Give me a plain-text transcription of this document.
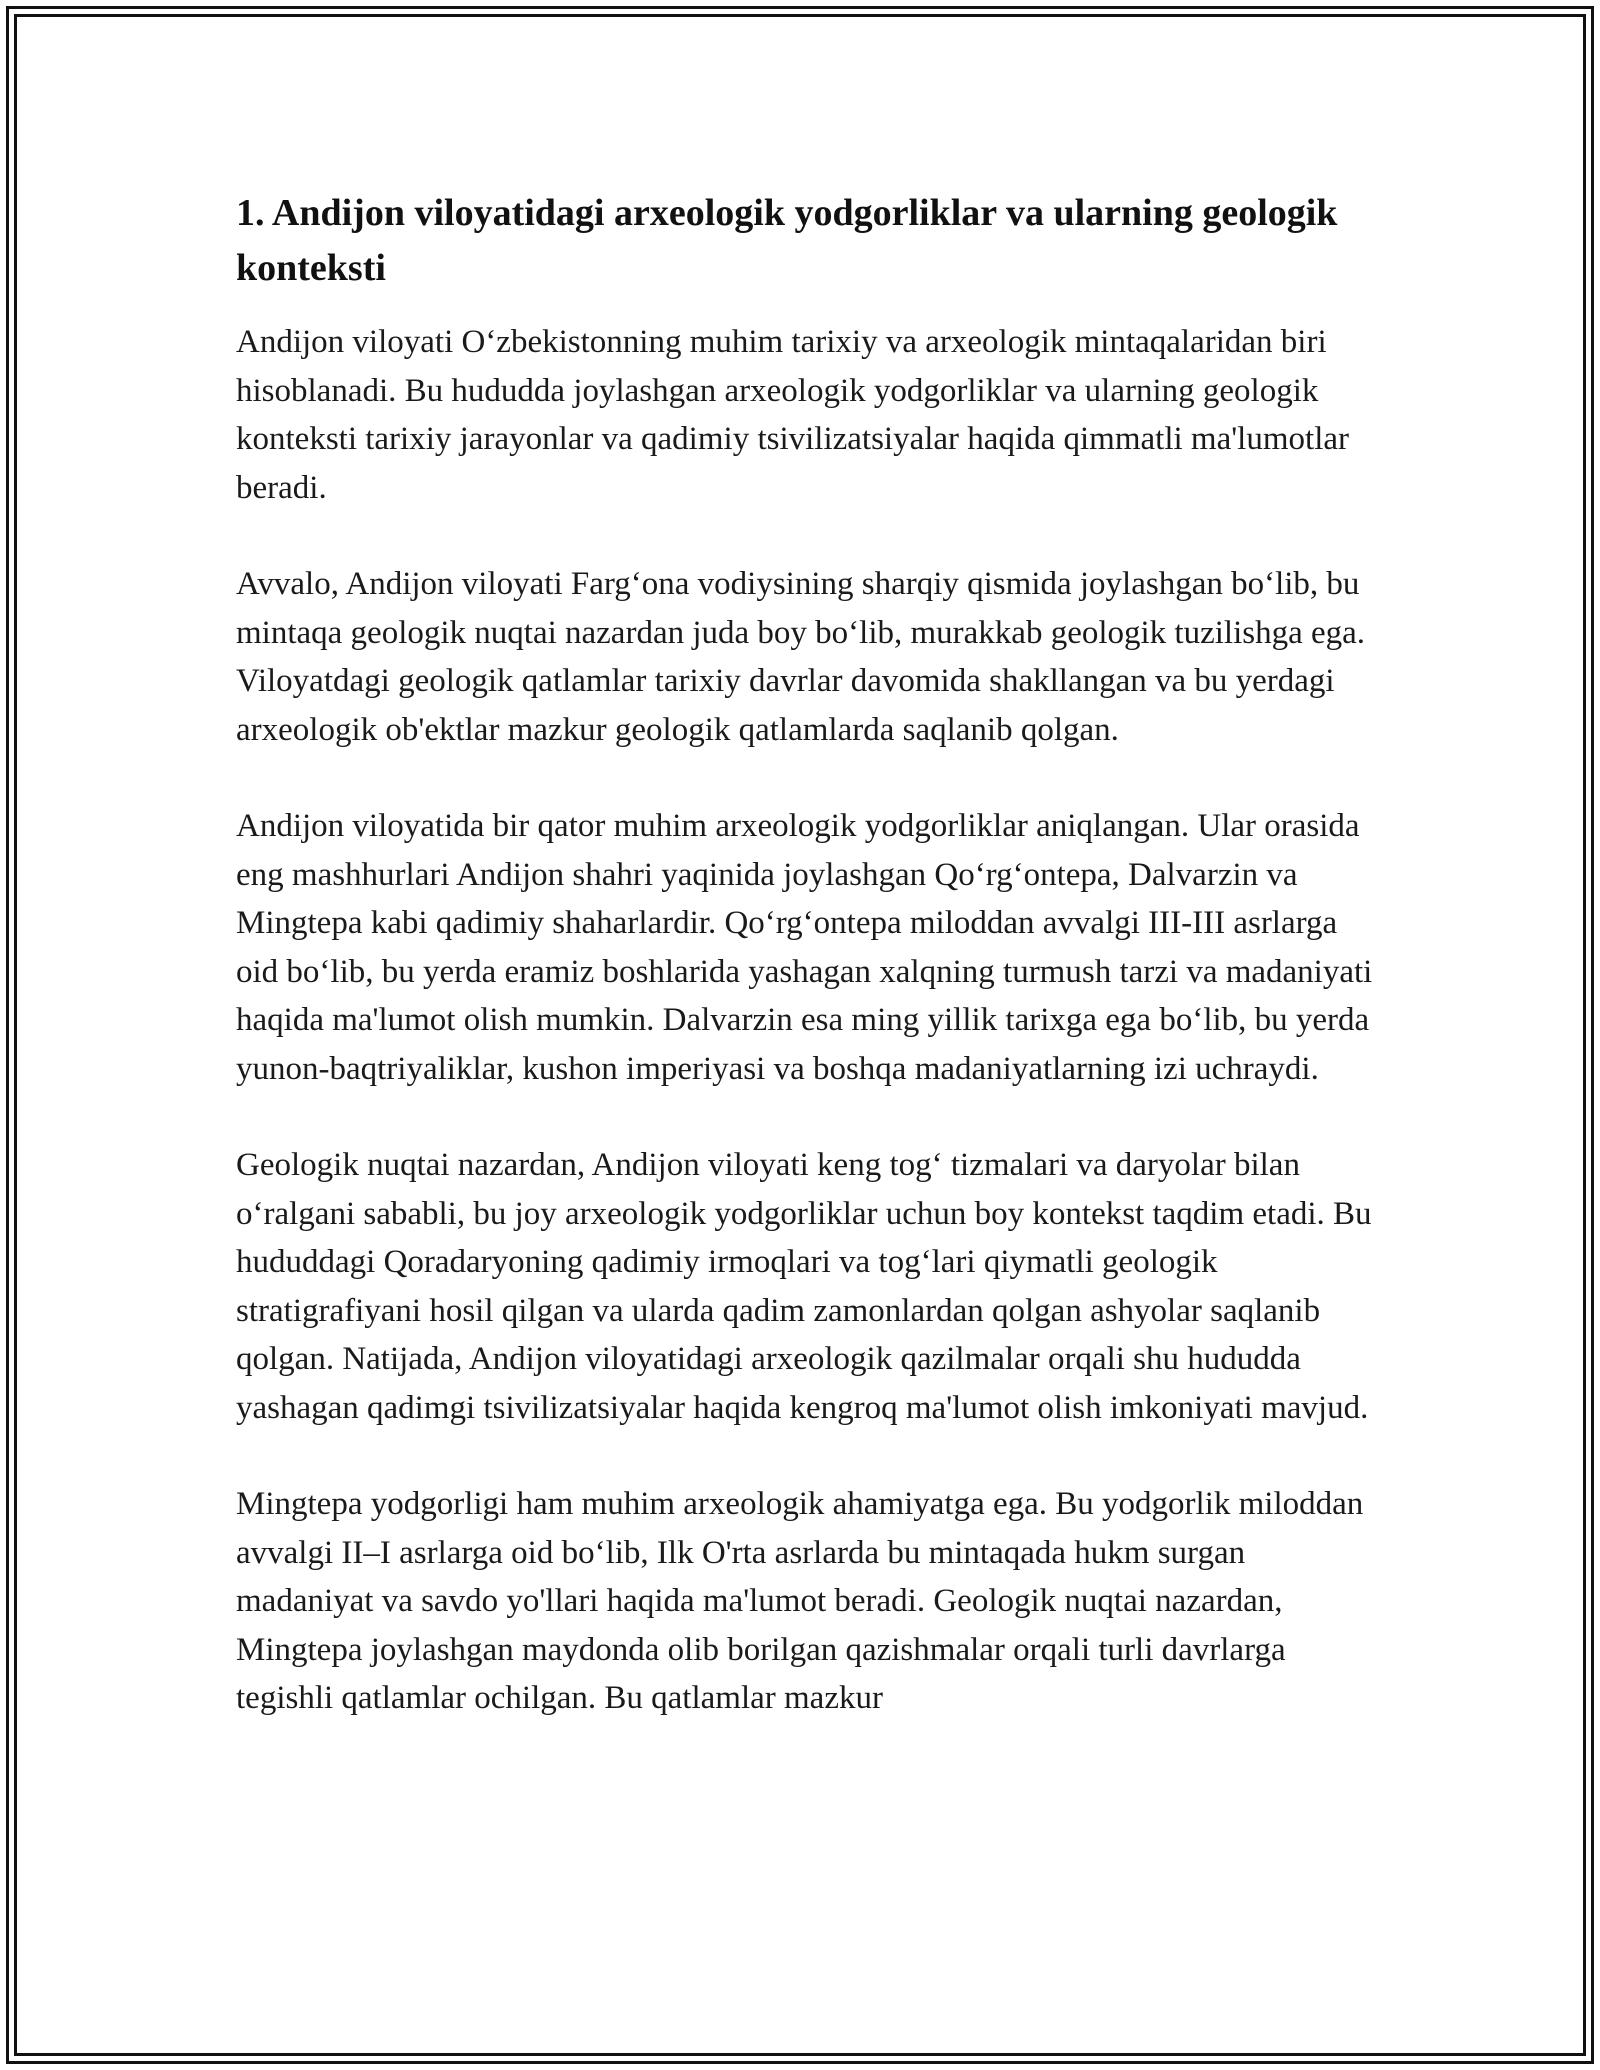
1. Andijon viloyatidagi arxeologik yodgorliklar va ularning geologik konteksti

Andijon viloyati O‘zbekistonning muhim tarixiy va arxeologik mintaqalaridan biri hisoblanadi. Bu hududda joylashgan arxeologik yodgorliklar va ularning geologik konteksti tarixiy jarayonlar va qadimiy tsivilizatsiyalar haqida qimmatli ma'lumotlar beradi.

Avvalo, Andijon viloyati Farg‘ona vodiysining sharqiy qismida joylashgan bo‘lib, bu mintaqa geologik nuqtai nazardan juda boy bo‘lib, murakkab geologik tuzilishga ega. Viloyatdagi geologik qatlamlar tarixiy davrlar davomida shakllangan va bu yerdagi arxeologik ob'ektlar mazkur geologik qatlamlarda saqlanib qolgan.

Andijon viloyatida bir qator muhim arxeologik yodgorliklar aniqlangan. Ular orasida eng mashhurlari Andijon shahri yaqinida joylashgan Qo‘rg‘ontepa, Dalvarzin va Mingtepa kabi qadimiy shaharlardir. Qo‘rg‘ontepa miloddan avvalgi III-III asrlarga oid bo‘lib, bu yerda eramiz boshlarida yashagan xalqning turmush tarzi va madaniyati haqida ma'lumot olish mumkin. Dalvarzin esa ming yillik tarixga ega bo‘lib, bu yerda yunon-baqtriyaliklar, kushon imperiyasi va boshqa madaniyatlarning izi uchraydi.

Geologik nuqtai nazardan, Andijon viloyati keng tog‘ tizmalari va daryolar bilan o‘ralgani sababli, bu joy arxeologik yodgorliklar uchun boy kontekst taqdim etadi. Bu hududdagi Qoradaryoning qadimiy irmoqlari va tog‘lari qiymatli geologik stratigrafiyani hosil qilgan va ularda qadim zamonlardan qolgan ashyolar saqlanib qolgan. Natijada, Andijon viloyatidagi arxeologik qazilmalar orqali shu hududda yashagan qadimgi tsivilizatsiyalar haqida kengroq ma'lumot olish imkoniyati mavjud.

Mingtepa yodgorligi ham muhim arxeologik ahamiyatga ega. Bu yodgorlik miloddan avvalgi II–I asrlarga oid bo‘lib, Ilk O'rta asrlarda bu mintaqada hukm surgan madaniyat va savdo yo'llari haqida ma'lumot beradi. Geologik nuqtai nazardan, Mingtepa joylashgan maydonda olib borilgan qazishmalar orqali turli davrlarga tegishli qatlamlar ochilgan. Bu qatlamlar mazkur
